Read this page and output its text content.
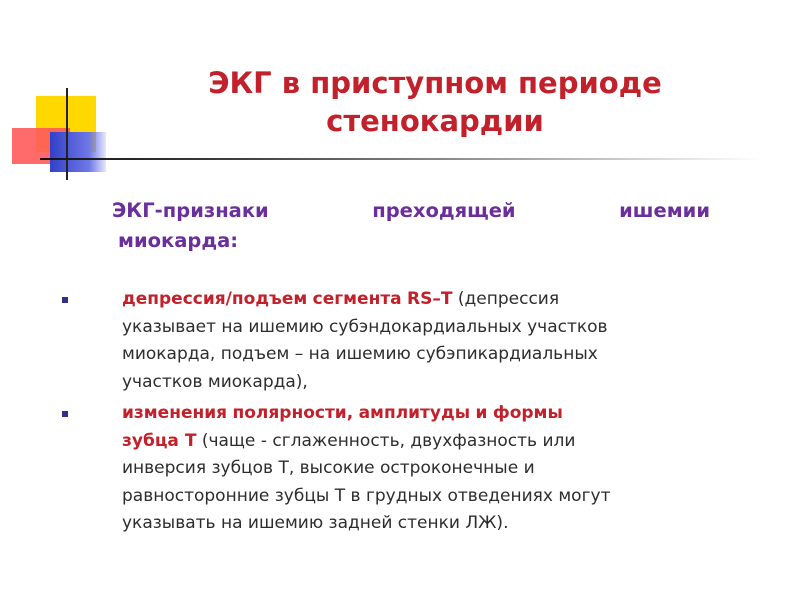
ЭКГ в приступном периоде
стенокардии
ЭКГ-признаки	преходящей	ишемии
миокарда:
депрессия/подъем сегмента RS–T (депрессия
указывает на ишемию субэндокардиальных участков
миокарда, подъем – на ишемию субэпикардиальных
участков миокарда),
изменения полярности, амплитуды и формы
зубца Т (чаще - сглаженность, двухфазность или
инверсия зубцов Т, высокие остроконечные и
равносторонние зубцы Т в грудных отведениях могут
указывать на ишемию задней стенки ЛЖ).
